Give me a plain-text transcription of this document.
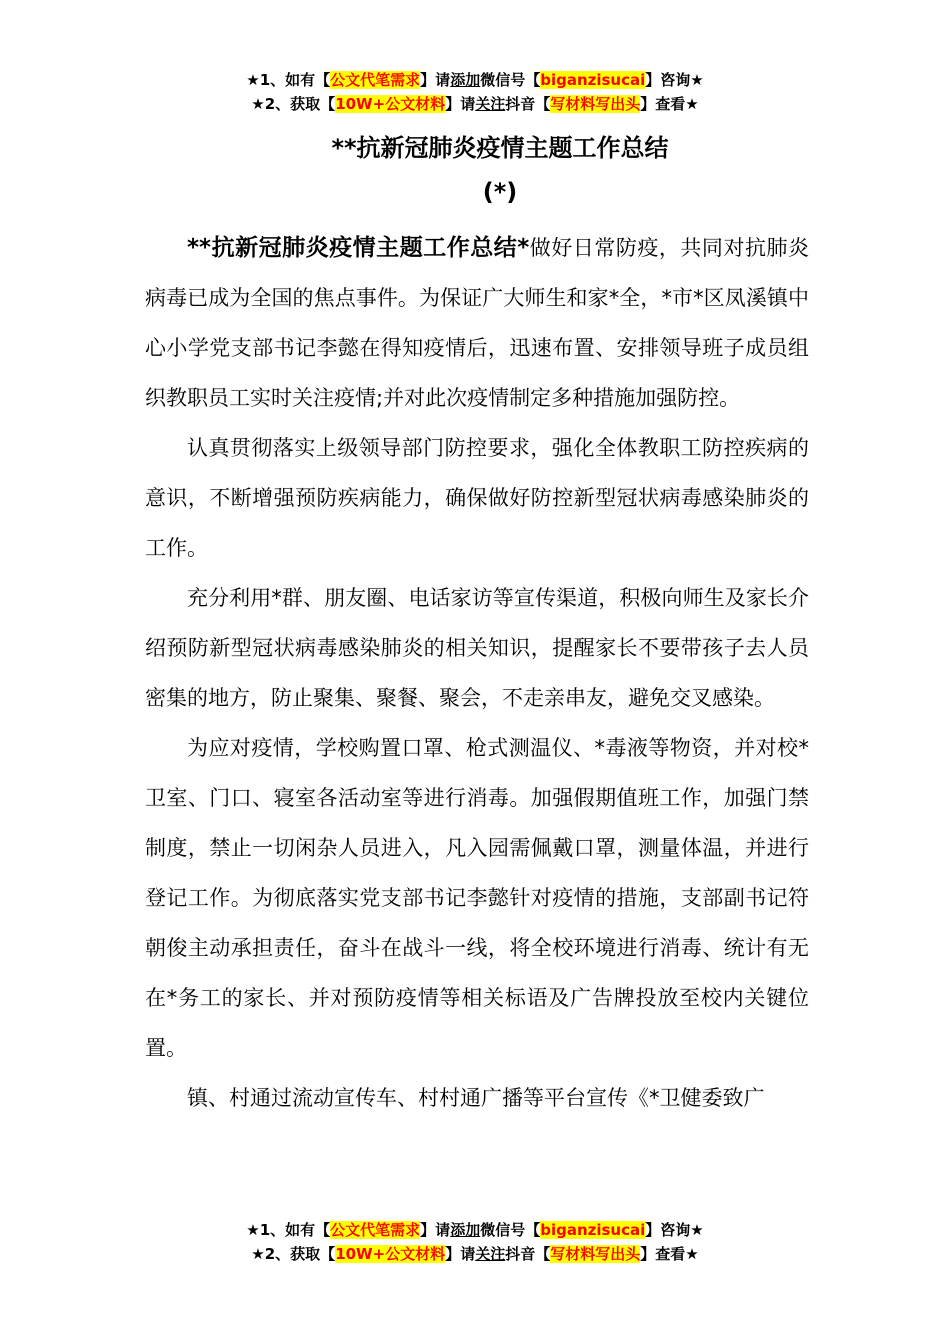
★1、如有【公文代笔需求】请添加微信号【biganzisucai】咨询★
★2、获取【10W+公文材料】请关注抖音【写材料写出头】查看★
**抗新冠肺炎疫情主题工作总结
(*)

**抗新冠肺炎疫情主题工作总结*做好日常防疫，共同对抗肺炎病毒已成为全国的焦点事件。为保证广大师生和家*全，*市*区凤溪镇中心小学党支部书记李懿在得知疫情后，迅速布置、安排领导班子成员组织教职员工实时关注疫情;并对此次疫情制定多种措施加强防控。

认真贯彻落实上级领导部门防控要求，强化全体教职工防控疾病的意识，不断增强预防疾病能力，确保做好防控新型冠状病毒感染肺炎的工作。

充分利用*群、朋友圈、电话家访等宣传渠道，积极向师生及家长介绍预防新型冠状病毒感染肺炎的相关知识，提醒家长不要带孩子去人员密集的地方，防止聚集、聚餐、聚会，不走亲串友，避免交叉感染。

为应对疫情，学校购置口罩、枪式测温仪、*毒液等物资，并对校*卫室、门口、寝室各活动室等进行消毒。加强假期值班工作，加强门禁制度，禁止一切闲杂人员进入，凡入园需佩戴口罩，测量体温，并进行登记工作。为彻底落实党支部书记李懿针对疫情的措施，支部副书记符朝俊主动承担责任，奋斗在战斗一线，将全校环境进行消毒、统计有无在*务工的家长、并对预防疫情等相关标语及广告牌投放至校内关键位置。

镇、村通过流动宣传车、村村通广播等平台宣传《*卫健委致广

★1、如有【公文代笔需求】请添加微信号【biganzisucai】咨询★
★2、获取【10W+公文材料】请关注抖音【写材料写出头】查看★
